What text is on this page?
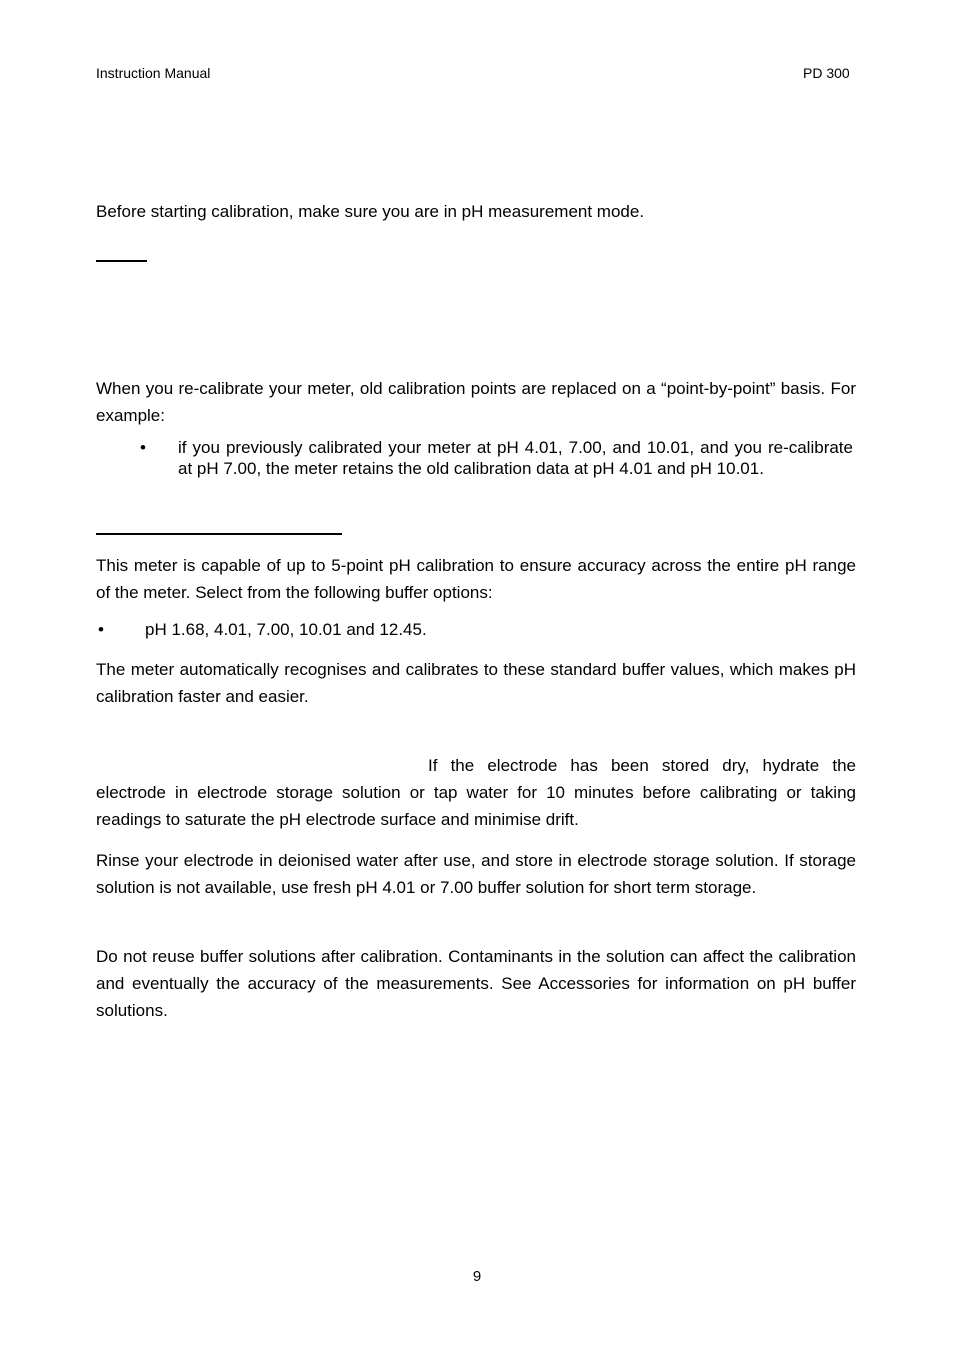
Instruction Manual	PD 300

Before starting calibration, make sure you are in pH measurement mode.

When you re-calibrate your meter, old calibration points are replaced on a “point-by-point” basis. For example:

• if you previously calibrated your meter at pH 4.01, 7.00, and 10.01, and you re-calibrate at pH 7.00, the meter retains the old calibration data at pH 4.01 and pH 10.01.

This meter is capable of up to 5-point pH calibration to ensure accuracy across the entire pH range of the meter. Select from the following buffer options:

• pH 1.68, 4.01, 7.00, 10.01 and 12.45.

The meter automatically recognises and calibrates to these standard buffer values, which makes pH calibration faster and easier.

If the electrode has been stored dry, hydrate the electrode in electrode storage solution or tap water for 10 minutes before calibrating or taking readings to saturate the pH electrode surface and minimise drift.

Rinse your electrode in deionised water after use, and store in electrode storage solution. If storage solution is not available, use fresh pH 4.01 or 7.00 buffer solution for short term storage.

Do not reuse buffer solutions after calibration. Contaminants in the solution can affect the calibration and eventually the accuracy of the measurements. See Accessories for information on pH buffer solutions.

9
